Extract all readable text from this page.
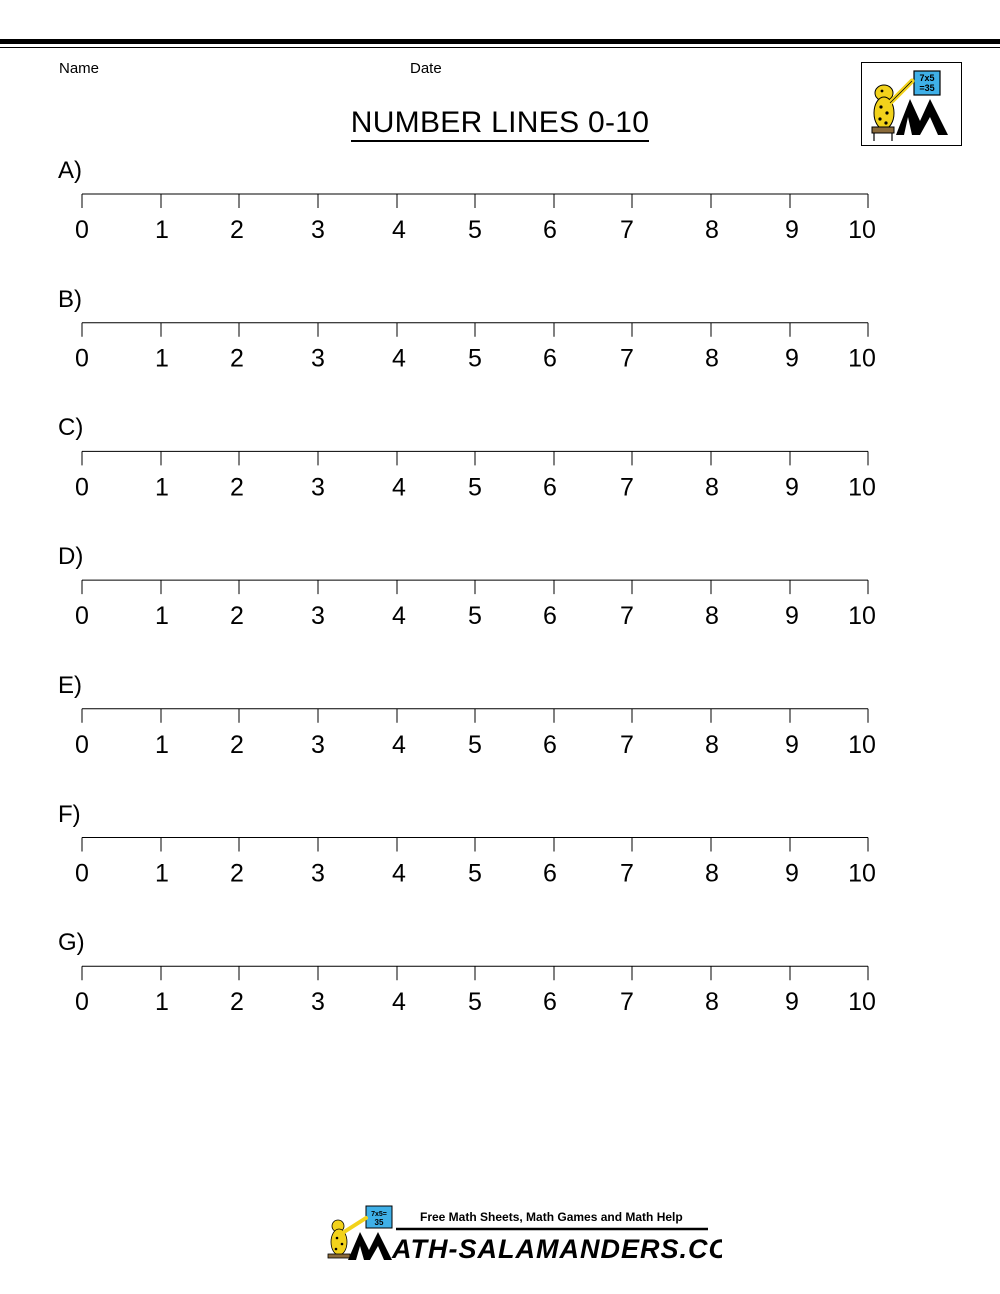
Name	Date
NUMBER LINES 0-10
7x5
=35
A)
B)
C)
D)
E)
F)
G)
0	1 2	3	4 5 6	7	8	9 10
0	1 2	3	4 5 6	7	8	9 10
0	1 2	3	4 5 6	7	8	9 10
0	1 2	3	4 5 6	7	8	9 10
0	1 2	3	4 5 6	7	8	9 10
0	1 2	3	4 5 6	7	8	9 10
0	1 2	3	4 5 6	7	8	9 10
7x5=
35	Free Math Sheets, Math Games and Math Help
ATH-SALAMANDERS.COM
